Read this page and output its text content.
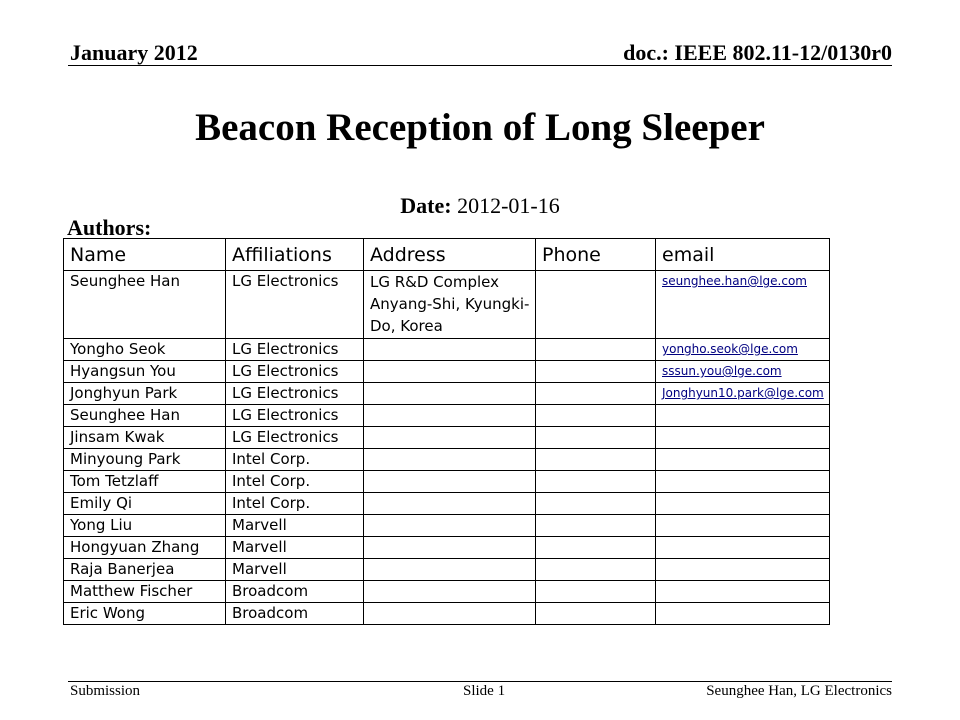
January 2012	doc.: IEEE 802.11-12/0130r0
Beacon Reception of Long Sleeper
Date: 2012-01-16
Authors:
Name	Affiliations	Address	Phone	email
Seunghee Han	LG Electronics	LG R&D Complex Anyang-Shi, Kyungki-Do, Korea		seunghee.han@lge.com
Yongho Seok	LG Electronics			yongho.seok@lge.com
Hyangsun You	LG Electronics			sssun.you@lge.com
Jonghyun Park	LG Electronics			Jonghyun10.park@lge.com
Seunghee Han	LG Electronics			
Jinsam Kwak	LG Electronics			
Minyoung Park	Intel Corp.			
Tom Tetzlaff	Intel Corp.			
Emily Qi	Intel Corp.			
Yong Liu	Marvell			
Hongyuan Zhang	Marvell			
Raja Banerjea	Marvell			
Matthew Fischer	Broadcom			
Eric Wong	Broadcom			
Submission	Slide 1	Seunghee Han, LG Electronics
